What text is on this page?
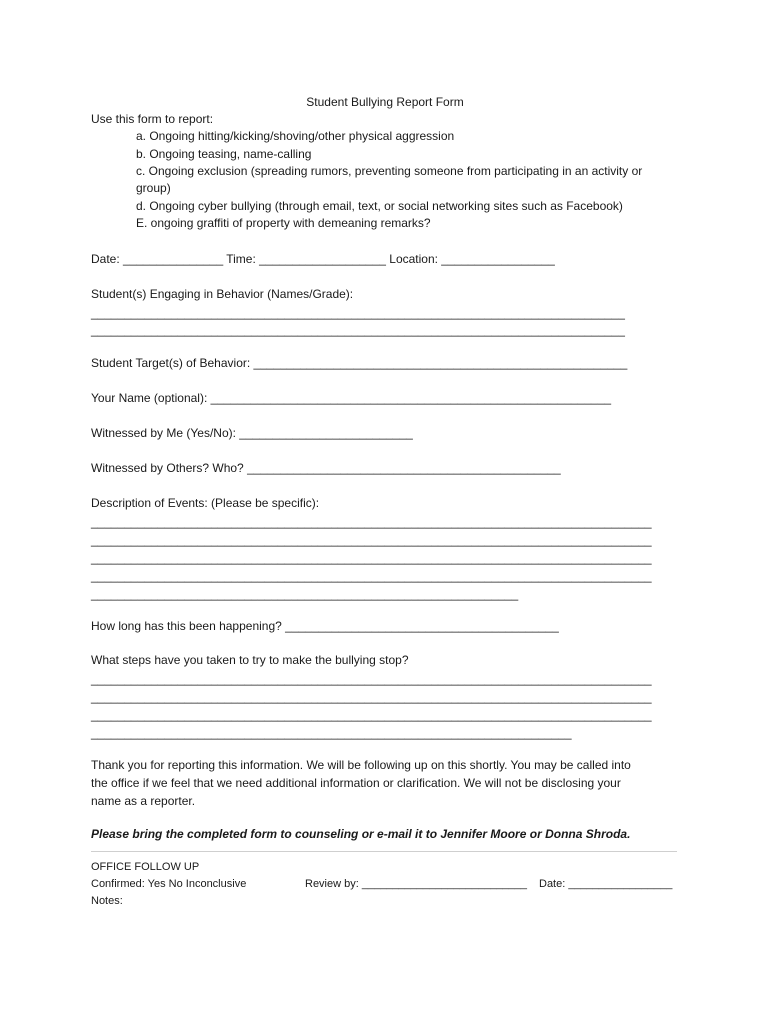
Student Bullying Report Form
Use this form to report:
a. Ongoing hitting/kicking/shoving/other physical aggression
b. Ongoing teasing, name-calling
c. Ongoing exclusion (spreading rumors, preventing someone from participating in an activity or
group)
d. Ongoing cyber bullying (through email, text, or social networking sites such as Facebook)
E. ongoing graffiti of property with demeaning remarks?
Date: _______________ Time: ___________________ Location: _________________
Student(s) Engaging in Behavior (Names/Grade):
________________________________________________________________________________
________________________________________________________________________________
Student Target(s) of Behavior: ________________________________________________________
Your Name (optional): ____________________________________________________________
Witnessed by Me (Yes/No): __________________________
Witnessed by Others? Who? _______________________________________________
Description of Events: (Please be specific):
____________________________________________________________________________________
____________________________________________________________________________________
____________________________________________________________________________________
____________________________________________________________________________________
________________________________________________________________
How long has this been happening? _________________________________________
What steps have you taken to try to make the bullying stop?
____________________________________________________________________________________
____________________________________________________________________________________
____________________________________________________________________________________
________________________________________________________________________
Thank you for reporting this information. We will be following up on this shortly. You may be called into
the office if we feel that we need additional information or clarification. We will not be disclosing your
name as a reporter.
Please bring the completed form to counseling or e-mail it to Jennifer Moore or Donna Shroda.
OFFICE FOLLOW UP
Confirmed: Yes No Inconclusive	Review by: ___________________________ Date: _________________
Notes:
